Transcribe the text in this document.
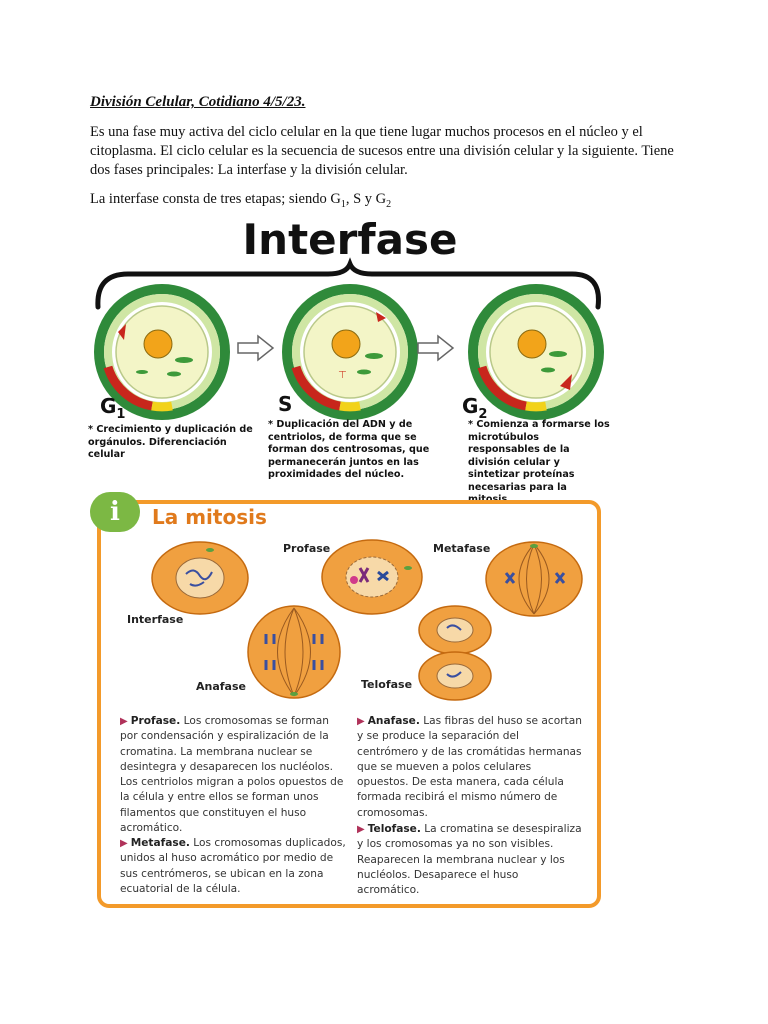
División Celular, Cotidiano 4/5/23.

Es una fase muy activa del ciclo celular en la que tiene lugar muchos procesos en el núcleo y el citoplasma. El ciclo celular es la secuencia de sucesos entre una división celular y la siguiente. Tiene dos fases principales: La interfase y la división celular.

La interfase consta de tres etapas; siendo $G_1$, S y $G_2$

Interfase
⊤
$G_1$	S	$G_2$

* Crecimiento y duplicación de orgánulos. Diferenciación celular

* Duplicación del ADN y de centriolos, de forma que se forman dos centrosomas, que permanecerán juntos en las proximidades del núcleo.

* Comienza a formarse los microtúbulos responsables de la división celular y sintetizar proteínas necesarias para la

i	La mitosis
Interfase
Profase	Metafase
Anafase	Telofase

▶ Profase. Los cromosomas se forman por condensación y espiralización de la cromatina. La membrana nuclear se desintegra y desaparecen los nucléolos. Los centriolos migran a polos opuestos de la célula y entre ellos se forman unos filamentos que constituyen el huso acromático.

▶ Metafase. Los cromosomas duplicados, unidos al huso acromático por medio de sus centrómeros, se ubican en la zona ecuatorial de la célula.

▶ Anafase. Las fibras del huso se acortan y se produce la separación del centrómero y de las cromátidas hermanas que se mueven a polos celulares opuestos. De esta manera, cada célula formada recibirá el mismo número de cromosomas.

▶ Telofase. La cromatina se desespiraliza y los cromosomas ya no son visibles. Reaparecen la membrana nuclear y los nucléolos. Desaparece el huso acromático.
